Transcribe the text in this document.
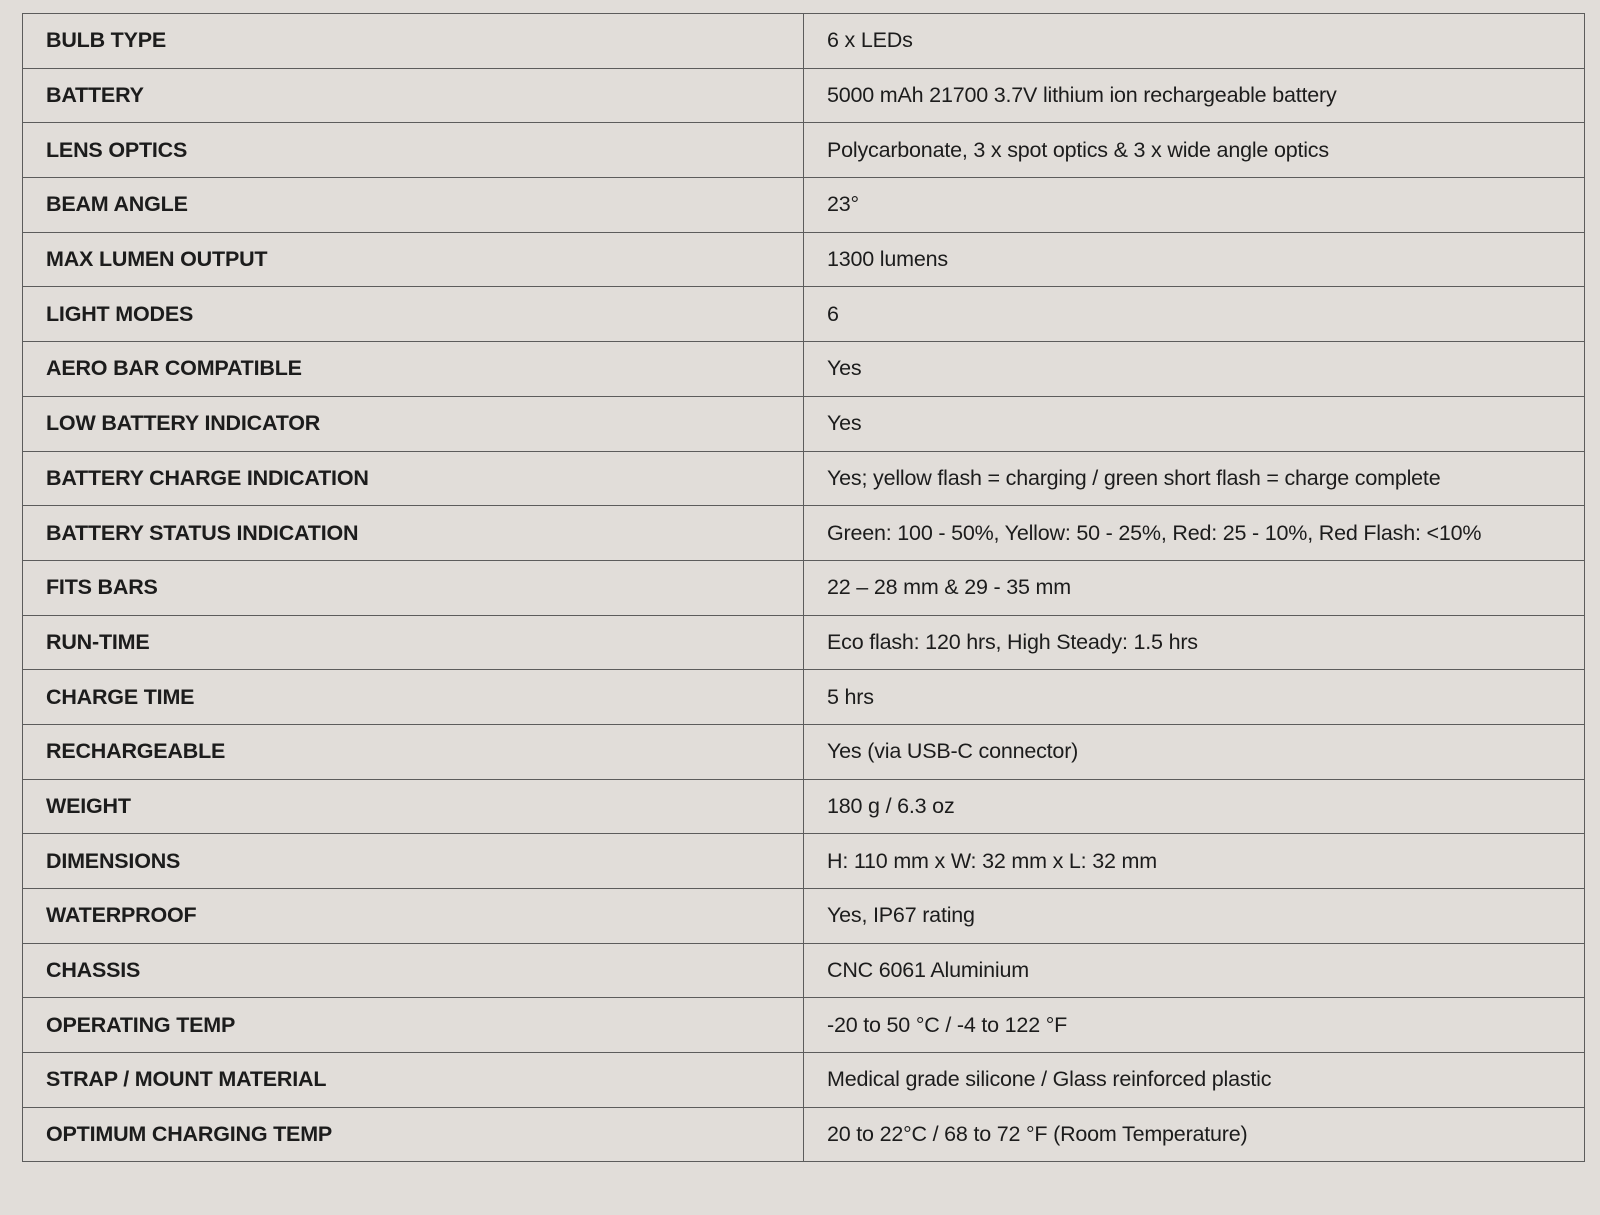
BULB TYPE	6 x LEDs
BATTERY	5000 mAh 21700 3.7V lithium ion rechargeable battery
LENS OPTICS	Polycarbonate, 3 x spot optics & 3 x wide angle optics
BEAM ANGLE	23°
MAX LUMEN OUTPUT	1300 lumens
LIGHT MODES	6
AERO BAR COMPATIBLE	Yes
LOW BATTERY INDICATOR	Yes
BATTERY CHARGE INDICATION	Yes; yellow flash = charging / green short flash = charge complete
BATTERY STATUS INDICATION	Green: 100 - 50%, Yellow: 50 - 25%, Red: 25 - 10%, Red Flash: <10%
FITS BARS	22 – 28 mm & 29 - 35 mm
RUN-TIME	Eco flash: 120 hrs, High Steady: 1.5 hrs
CHARGE TIME	5 hrs
RECHARGEABLE	Yes (via USB-C connector)
WEIGHT	180 g / 6.3 oz
DIMENSIONS	H: 110 mm x W: 32 mm x L: 32 mm
WATERPROOF	Yes, IP67 rating
CHASSIS	CNC 6061 Aluminium
OPERATING TEMP	-20 to 50 °C / -4 to 122 °F
STRAP / MOUNT MATERIAL	Medical grade silicone / Glass reinforced plastic
OPTIMUM CHARGING TEMP	20 to 22°C / 68 to 72 °F (Room Temperature)
